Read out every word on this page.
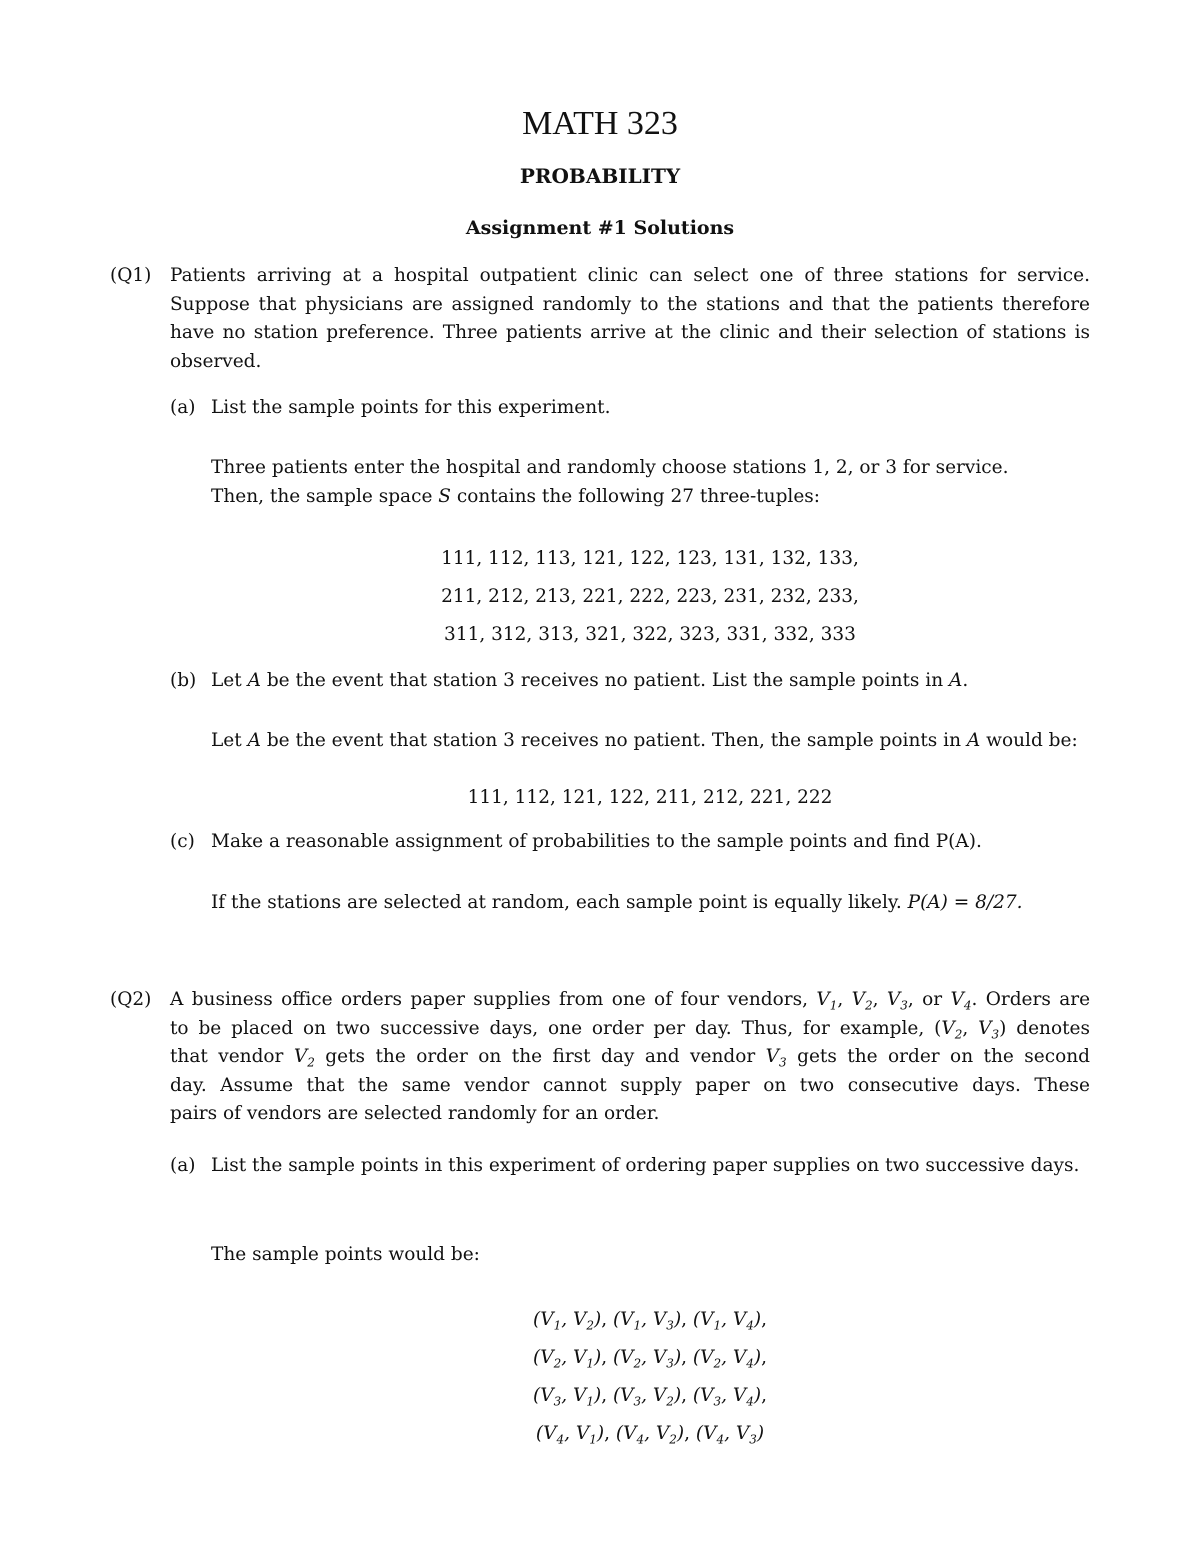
MATH 323
PROBABILITY
Assignment #1 Solutions
(Q1) Patients arriving at a hospital outpatient clinic can select one of three stations for service. Suppose that physicians are assigned randomly to the stations and that the patients therefore have no station preference. Three patients arrive at the clinic and their selection of stations is observed.
(a) List the sample points for this experiment.
Three patients enter the hospital and randomly choose stations 1, 2, or 3 for service.
Then, the sample space S contains the following 27 three-tuples:
111, 112, 113, 121, 122, 123, 131, 132, 133,
211, 212, 213, 221, 222, 223, 231, 232, 233,
311, 312, 313, 321, 322, 323, 331, 332, 333
(b) Let A be the event that station 3 receives no patient. List the sample points in A.
Let A be the event that station 3 receives no patient. Then, the sample points in A would be:
111, 112, 121, 122, 211, 212, 221, 222
(c) Make a reasonable assignment of probabilities to the sample points and find P(A).
If the stations are selected at random, each sample point is equally likely. P(A) = 8/27.
(Q2) A business office orders paper supplies from one of four vendors, $V_1$, $V_2$, $V_3$, or $V_4$. Orders are
to be placed on two successive days, one order per day. Thus, for example, ($V_2$, $V_3$) denotes
that vendor $V_2$ gets the order on the first day and vendor $V_3$ gets the order on the second
day. Assume that the same vendor cannot supply paper on two consecutive days. These
pairs of vendors are selected randomly for an order.
(a) List the sample points in this experiment of ordering paper supplies on two successive days.
The sample points would be:
($V_1$, $V_2$), ($V_1$, $V_3$), ($V_1$, $V_4$),
($V_2$, $V_1$), ($V_2$, $V_3$), ($V_2$, $V_4$),
($V_3$, $V_1$), ($V_3$, $V_2$), ($V_3$, $V_4$),
($V_4$, $V_1$), ($V_4$, $V_2$), ($V_4$, $V_3$)
